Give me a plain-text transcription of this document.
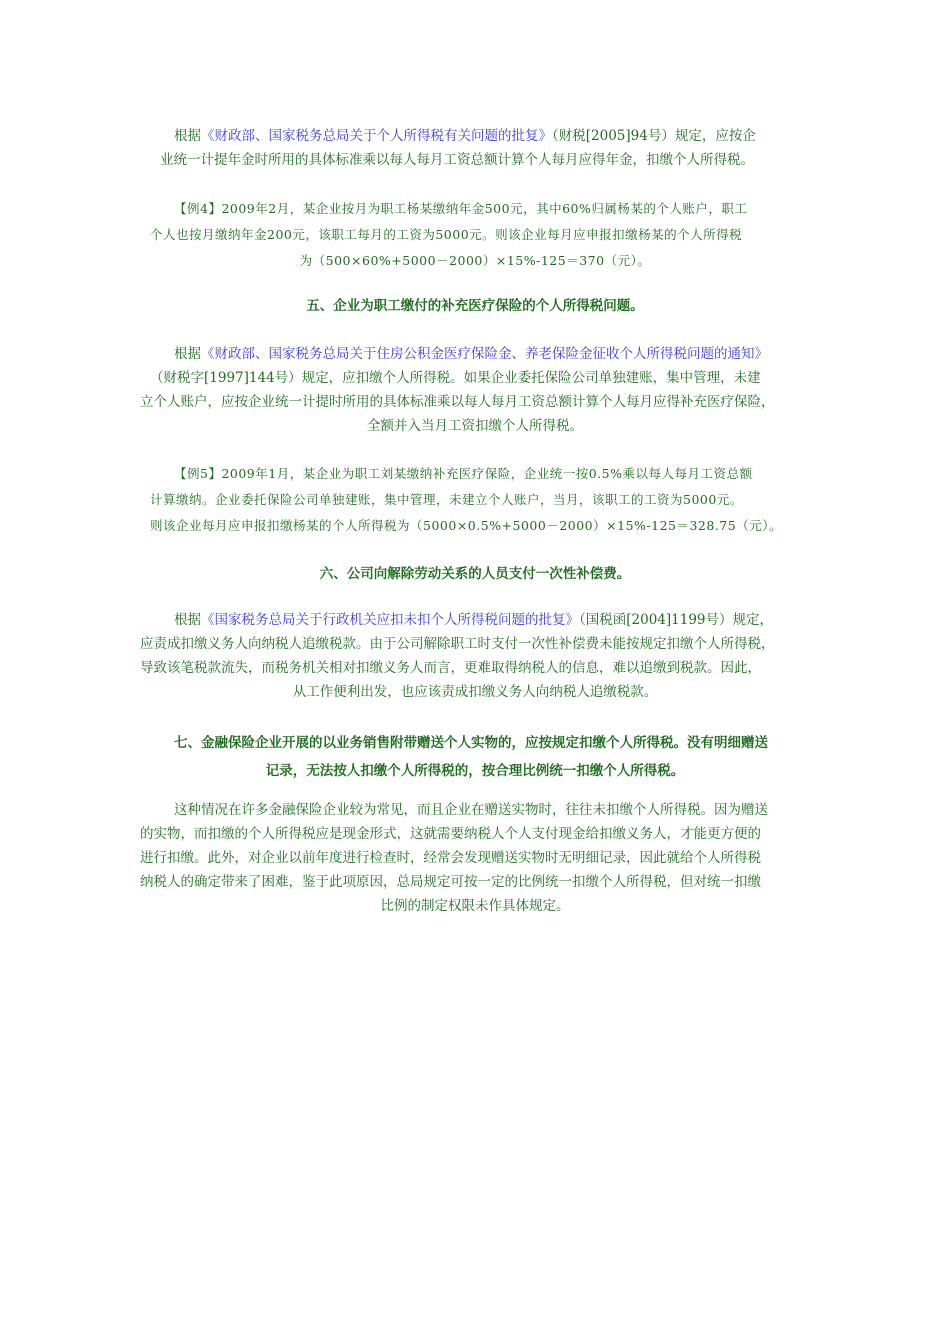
根据《财政部、国家税务总局关于个人所得税有关问题的批复》（财税[2005]94号）规定，应按企
业统一计提年金时所用的具体标准乘以每人每月工资总额计算个人每月应得年金，扣缴个人所得税。
【例4】2009年2月，某企业按月为职工杨某缴纳年金500元，其中60%归属杨某的个人账户，职工
个人也按月缴纳年金200元，该职工每月的工资为5000元。则该企业每月应申报扣缴杨某的个人所得税
为（500×60%+5000－2000）×15%-125＝370（元）。
五、企业为职工缴付的补充医疗保险的个人所得税问题。
根据《财政部、国家税务总局关于住房公积金医疗保险金、养老保险金征收个人所得税问题的通知》
（财税字[1997]144号）规定，应扣缴个人所得税。如果企业委托保险公司单独建账，集中管理，未建
立个人账户，应按企业统一计提时所用的具体标准乘以每人每月工资总额计算个人每月应得补充医疗保险，
全额并入当月工资扣缴个人所得税。
【例5】2009年1月，某企业为职工刘某缴纳补充医疗保险，企业统一按0.5%乘以每人每月工资总额
计算缴纳。企业委托保险公司单独建账，集中管理，未建立个人账户，当月，该职工的工资为5000元。
则该企业每月应申报扣缴杨某的个人所得税为（5000×0.5%+5000－2000）×15%-125＝328.75（元）。
六、公司向解除劳动关系的人员支付一次性补偿费。
根据《国家税务总局关于行政机关应扣未扣个人所得税问题的批复》（国税函[2004]1199号）规定，
应责成扣缴义务人向纳税人追缴税款。由于公司解除职工时支付一次性补偿费未能按规定扣缴个人所得税，
导致该笔税款流失，而税务机关相对扣缴义务人而言，更难取得纳税人的信息，难以追缴到税款。因此，
从工作便利出发，也应该责成扣缴义务人向纳税人追缴税款。
七、金融保险企业开展的以业务销售附带赠送个人实物的，应按规定扣缴个人所得税。没有明细赠送
记录，无法按人扣缴个人所得税的，按合理比例统一扣缴个人所得税。
这种情况在许多金融保险企业较为常见，而且企业在赠送实物时，往往未扣缴个人所得税。因为赠送
的实物，而扣缴的个人所得税应是现金形式，这就需要纳税人个人支付现金给扣缴义务人，才能更方便的
进行扣缴。此外，对企业以前年度进行检查时，经常会发现赠送实物时无明细记录，因此就给个人所得税
纳税人的确定带来了困难，鉴于此项原因，总局规定可按一定的比例统一扣缴个人所得税，但对统一扣缴
比例的制定权限未作具体规定。
